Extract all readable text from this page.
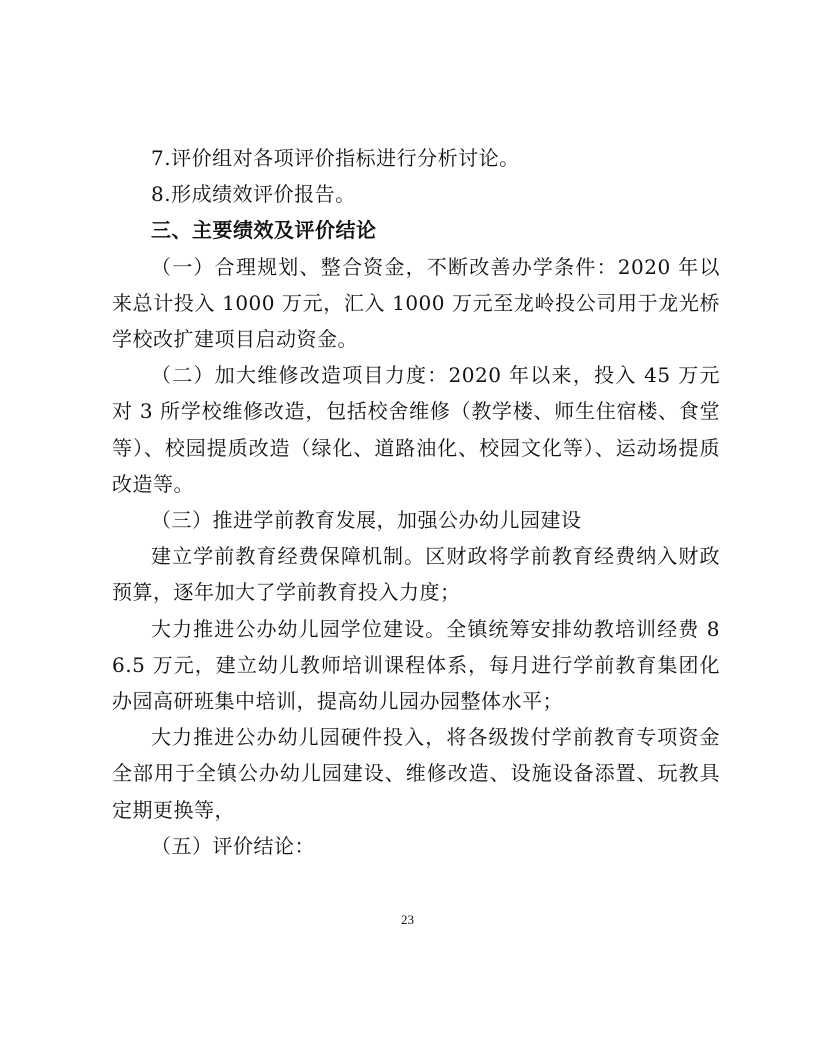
7.评价组对各项评价指标进行分析讨论。

8.形成绩效评价报告。

三、主要绩效及评价结论

（一）合理规划、整合资金，不断改善办学条件：2020 年以来总计投入 1000 万元，汇入 1000 万元至龙岭投公司用于龙光桥学校改扩建项目启动资金。

（二）加大维修改造项目力度：2020 年以来，投入 45 万元对 3 所学校维修改造，包括校舍维修（教学楼、师生住宿楼、食堂等）、校园提质改造（绿化、道路油化、校园文化等）、运动场提质改造等。

（三）推进学前教育发展，加强公办幼儿园建设

建立学前教育经费保障机制。区财政将学前教育经费纳入财政预算，逐年加大了学前教育投入力度；

大力推进公办幼儿园学位建设。全镇统筹安排幼教培训经费 86.5 万元，建立幼儿教师培训课程体系，每月进行学前教育集团化办园高研班集中培训，提高幼儿园办园整体水平；

大力推进公办幼儿园硬件投入，将各级拨付学前教育专项资金全部用于全镇公办幼儿园建设、维修改造、设施设备添置、玩教具定期更换等，

（五）评价结论：

23
